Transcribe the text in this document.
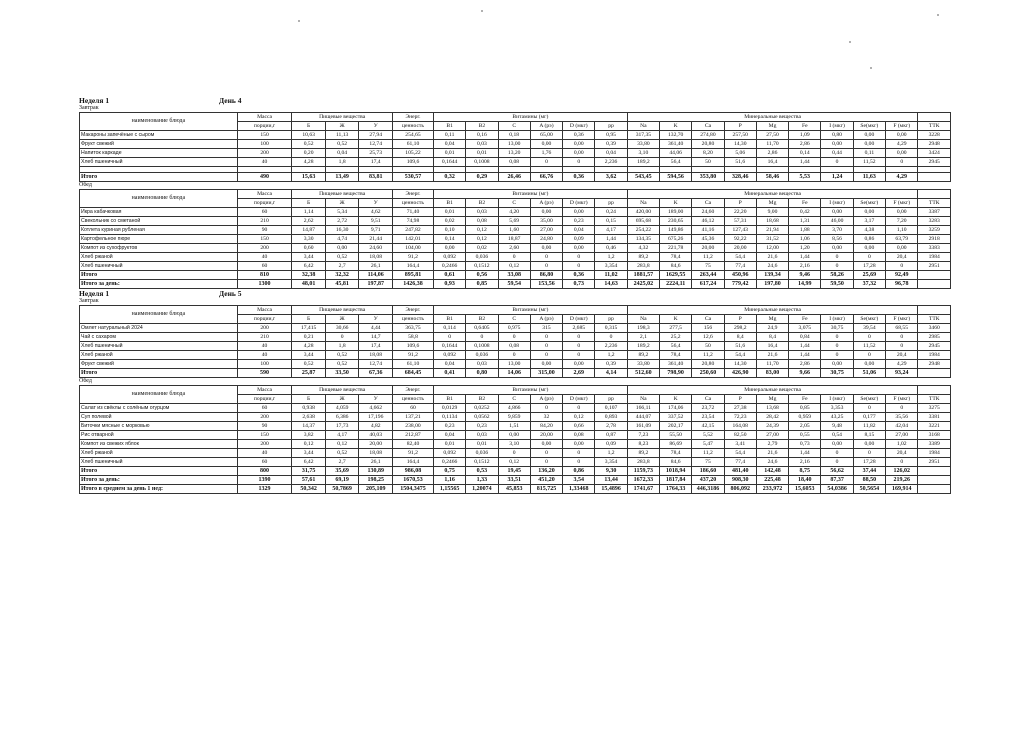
Неделя 1	День 4
Завтрак
наименование блюда	Масса	Пищевые вещества			Энерг.	Витамины (мг)						Минеральные вещества									
	порции,г	Б	Ж	У	ценность	B1	B2	C	A (рэ)	D (мкг)	pp	Na	K	Ca	P	Mg	Fe	I (мкг)	Se(мкг)	F (мкг)	ТТК
Макароны запечёные с сыром	150	10,63	11,13	27,94	254,65	0,11	0,16	0,18	65,00	0,36	0,95	317,35	132,70	274,80	257,50	27,50	1,09	0,80	0,00	0,00	3228
Фрукт свежий	100	0,52	0,52	12,74	61,10	0,04	0,03	13,00	0,00	0,00	0,39	33,80	361,40	20,80	14,30	11,70	2,86	0,00	0,00	4,29	2948
Напиток каркаде	200	0,20	0,04	25,73	105,22	0,01	0,01	13,20	1,76	0,00	0,04	3,10	44,06	8,20	5,06	2,86	0,14	0,44	0,11	0,00	3424
Хлеб пшеничный	40	4,28	1,8	17,4	109,6	0,1644	0,1008	0,08	0	0	2,236	189,2	56,4	50	51,6	16,4	1,44	0	11,52	0	2945

Итого	490	15,63	13,49	83,81	530,57	0,32	0,29	26,46	66,76	0,36	3,62	543,45	594,56	353,80	328,46	58,46	5,53	1,24	11,63	4,29	
Обед
наименование блюда	Масса	Пищевые вещества			Энерг.	Витамины (мг)						Минеральные вещества									
	порции,г	Б	Ж	У	ценность	B1	B2	C	A (рэ)	D (мкг)	pp	Na	K	Ca	P	Mg	Fe	I (мкг)	Se(мкг)	F (мкг)	ТТК
Икра кабачковая	60	1,14	5,34	4,62	71,40	0,01	0,03	4,20	0,00	0,00	0,24	420,00	189,00	24,60	22,20	9,00	0,42	0,00	0,00	0,00	3387
Свекольник со сметаной	210	2,62	2,72	9,51	74,98	0,02	0,08	5,69	35,00	0,23	0,15	695,68	230,65	46,12	57,31	18,68	1,31	46,00	3,17	7,20	3283
Котлета куриная рубленая	90	14,87	16,30	9,71	247,82	0,10	0,12	1,60	27,00	0,04	4,17	254,22	149,86	41,16	127,43	21,94	1,88	3,70	4,38	1,10	3259
Картофельное пюре	150	3,30	4,74	21,44	142,01	0,14	0,12	18,87	24,80	0,09	1,44	134,35	675,26	45,36	92,22	31,52	1,06	8,56	0,86	63,79	2918
Компот из сухофруктов	200	0,60	0,00	24,60	104,00	0,00	0,02	2,60	0,00	0,00	0,46	4,32	221,78	20,00	20,00	12,00	1,20	0,00	0,00	0,00	3383
Хлеб ржаной	40	3,44	0,52	18,08	91,2	0,092	0,036	0	0	0	1,2	89,2	78,4	11,2	54,4	21,6	1,44	0	0	20,4	1984
Хлеб пшеничный	60	6,42	2,7	26,1	164,4	0,2466	0,1512	0,12	0	0	3,354	283,8	84,6	75	77,4	24,6	2,16	0	17,28	0	2951
Итого	810	32,38	32,32	114,06	895,81	0,61	0,56	33,08	86,80	0,36	11,02	1881,57	1629,55	263,44	450,96	139,34	9,46	58,26	25,69	92,49	
Итого за день:	1300	48,01	45,81	197,87	1426,38	0,93	0,85	59,54	153,56	0,73	14,63	2425,02	2224,11	617,24	779,42	197,80	14,99	59,50	37,32	96,78	
Неделя 1	День 5
Завтрак
наименование блюда	Масса	Пищевые вещества			Энерг.	Витамины (мг)						Минеральные вещества									
	порции,г	Б	Ж	У	ценность	B1	B2	C	A (рэ)	D (мкг)	pp	Na	K	Ca	P	Mg	Fe	I (мкг)	Se(мкг)	F (мкг)	ТТК
Омлет натуральный 2024	200	17,415	30,66	4,44	363,75	0,114	0,6405	0,975	315	2,685	0,315	198,3	277,5	156	298,2	24,9	3,075	30,75	39,54	68,55	3460
Чай с сахаром	210	0,21	0	14,7	58,8	0	0	0	0	0	0	2,1	25,2	12,6	8,4	8,4	0,84	0	0	0	2985
Хлеб пшеничный	40	4,28	1,8	17,4	109,6	0,1644	0,1008	0,08	0	0	2,236	189,2	56,4	50	51,6	16,4	1,44	0	11,52	0	2945
Хлеб ржаной	40	3,44	0,52	18,08	91,2	0,092	0,036	0	0	0	1,2	89,2	78,4	11,2	54,4	21,6	1,44	0	0	20,4	1984
Фрукт свежий	100	0,52	0,52	12,74	61,10	0,04	0,03	13,00	0,00	0,00	0,39	33,80	361,40	20,80	14,30	11,70	2,86	0,00	0,00	4,29	2948
Итого	590	25,87	33,50	67,36	684,45	0,41	0,80	14,06	315,00	2,69	4,14	512,60	798,90	250,60	426,90	83,00	9,66	30,75	51,06	93,24	
Обед
наименование блюда	Масса	Пищевые вещества			Энерг.	Витамины (мг)						Минеральные вещества									
	порции,г	Б	Ж	У	ценность	B1	B2	C	A (рэ)	D (мкг)	pp	Na	K	Ca	P	Mg	Fe	I (мкг)	Se(мкг)	F (мкг)	ТТК
Салат из свёклы с солёным огурцом	60	0,938	4,059	4,662	60	0,0129	0,0252	4,866	0	0	0,107	166,11	174,06	23,72	27,38	13,68	0,85	3,353	0	0	3275
Суп полевой	200	2,638	6,386	17,196	137,21	0,1134	0,0562	9,859	32	0,12	0,893	444,07	337,52	23,54	72,23	28,42	0,959	43,25	0,177	35,56	3381
Биточки мясные с морковью	90	14,37	17,73	4,82	238,00	0,23	0,23	1,51	84,20	0,66	2,78	161,09	202,17	42,15	164,08	24,39	2,05	9,48	11,82	42,04	3221
Рис отварной	150	3,82	4,17	40,03	212,87	0,04	0,03	0,00	20,00	0,08	0,87	7,23	55,50	5,52	82,50	27,00	0,55	0,54	8,15	27,00	3168
Компот из свежих яблок	200	0,12	0,12	20,00	82,40	0,01	0,01	3,10	0,00	0,00	0,09	8,23	86,69	5,47	3,41	2,79	0,73	0,00	0,00	1,02	3389
Хлеб ржаной	40	3,44	0,52	18,08	91,2	0,092	0,036	0	0	0	1,2	89,2	78,4	11,2	54,4	21,6	1,44	0	0	20,4	1984
Хлеб пшеничный	60	6,42	2,7	26,1	164,4	0,2466	0,1512	0,12	0	0	3,354	283,8	84,6	75	77,4	24,6	2,16	0	17,28	0	2951
Итого	800	31,75	35,69	130,89	986,08	0,75	0,53	19,45	136,20	0,86	9,30	1159,73	1018,94	186,60	481,40	142,48	8,75	56,62	37,44	126,02	
Итого за день:	1390	57,61	69,19	198,25	1670,53	1,16	1,33	33,51	451,20	3,54	13,44	1672,33	1817,84	437,20	908,30	225,48	18,40	87,37	88,50	219,26	
Итого в среднем за день 1 нед:	1329	50,342	50,7869	205,109	1504,3475	1,15565	1,20074	45,853	815,725	1,33468	15,4896	1741,67	1764,33	446,3186	806,092	233,972	15,6053	54,0386	50,5654	169,914	
